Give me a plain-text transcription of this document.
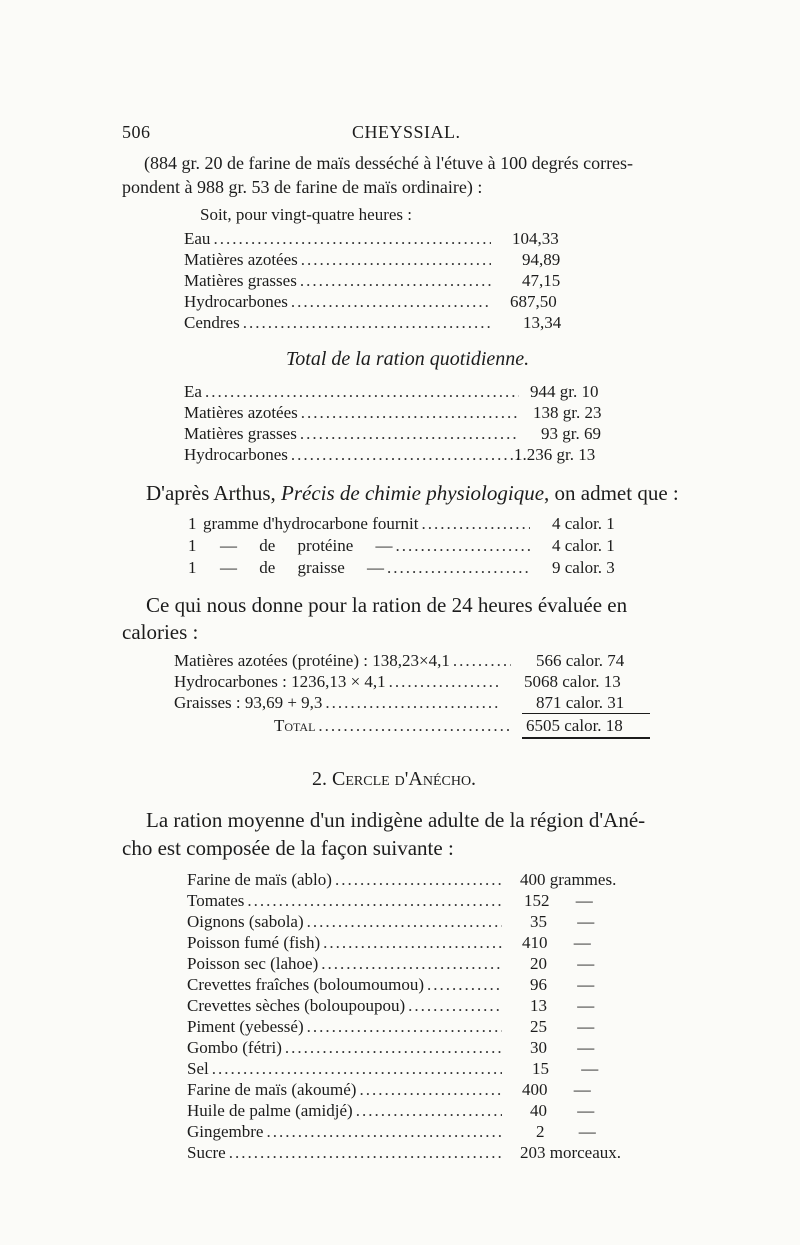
506	CHEYSSIAL.
(884 gr. 20 de farine de maïs desséché à l'étuve à 100 degrés corres-
pondent à 988 gr. 53 de farine de maïs ordinaire) :
Soit, pour vingt-quatre heures :
Eau .....	104,33
Matières azotées .....	94,89
Matières grasses .....	47,15
Hydrocarbones .....	687,50
Cendres .....	13,34
Total de la ration quotidienne.
Ea .....	944 gr. 10
Matières azotées .....	138 gr. 23
Matières grasses .....	93 gr. 69
Hydrocarbones .....	1.236 gr. 13
D'après Arthus, Précis de chimie physiologique, on admet que :
1 gramme d'hydrocarbone fournit .....	4 calor. 1
1 — de protéine — .....	4 calor. 1
1 — de graisse — .....	9 calor. 3
Ce qui nous donne pour la ration de 24 heures évaluée en
calories :
Matières azotées (protéine) : 138,23×4,1 .....	566 calor. 74
Hydrocarbones : 1236,13 × 4,1 .....	5068 calor. 13
Graisses : 93,69 + 9,3 .....	871 calor. 31
Total .....	6505 calor. 18
2. Cercle d'Anécho.
La ration moyenne d'un indigène adulte de la région d'Ané-
cho est composée de la façon suivante :
Farine de maïs (ablo) .....	400 grammes.
Tomates .....	152 —
Oignons (sabola) .....	35 —
Poisson fumé (fish) .....	410 —
Poisson sec (lahoe) .....	20 —
Crevettes fraîches (boloumoumou) .....	96 —
Crevettes sèches (boloupoupou) .....	13 —
Piment (yebessé) .....	25 —
Gombo (fétri) .....	30 —
Sel .....	15 —
Farine de maïs (akoumé) .....	400 —
Huile de palme (amidjé) .....	40 —
Gingembre .....	2 —
Sucre .....	203 morceaux.
